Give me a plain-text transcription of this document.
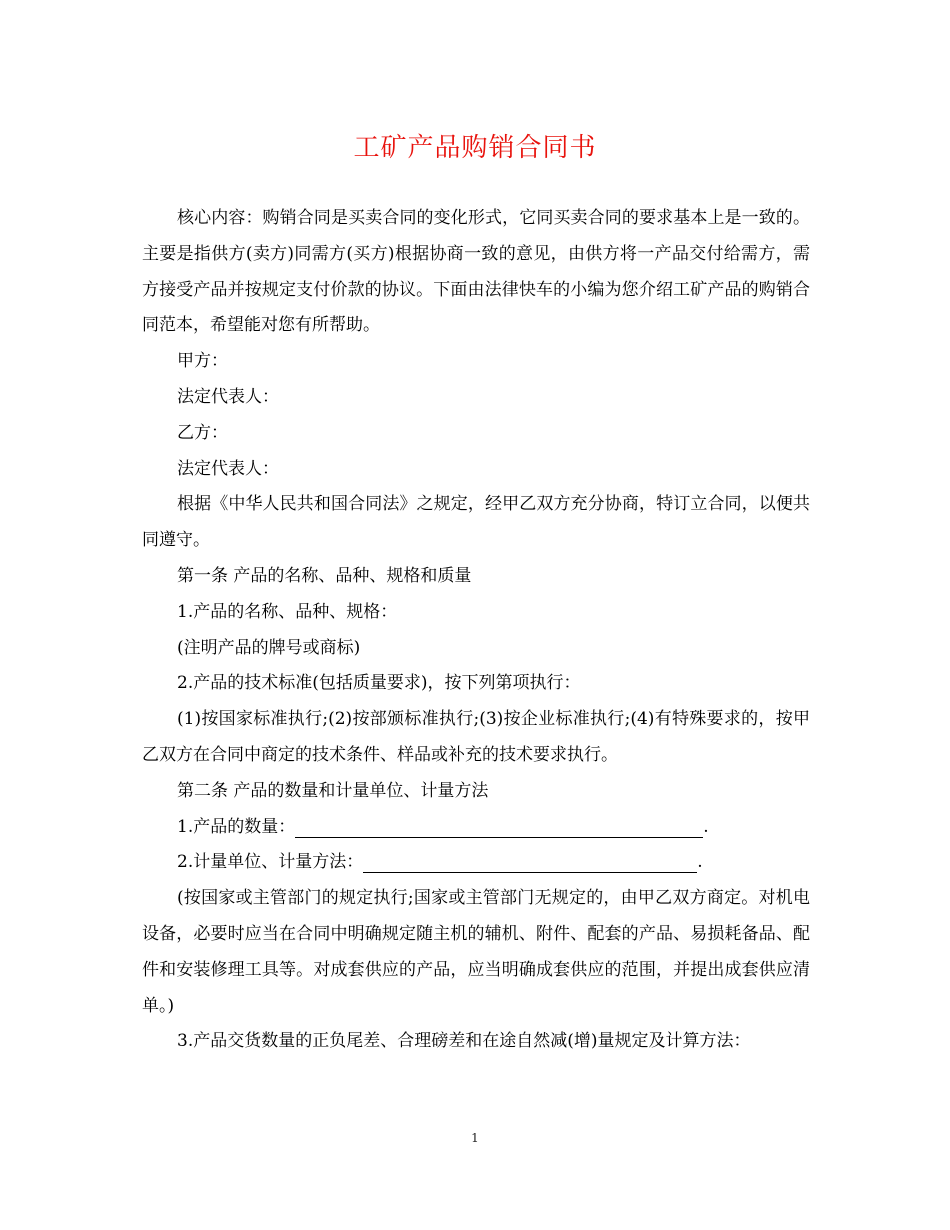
工矿产品购销合同书

核心内容：购销合同是买卖合同的变化形式，它同买卖合同的要求基本上是一致的。主要是指供方(卖方)同需方(买方)根据协商一致的意见，由供方将一产品交付给需方，需方接受产品并按规定支付价款的协议。下面由法律快车的小编为您介绍工矿产品的购销合同范本，希望能对您有所帮助。

甲方：

法定代表人：

乙方：

法定代表人：

根据《中华人民共和国合同法》之规定，经甲乙双方充分协商，特订立合同，以便共同遵守。

第一条 产品的名称、品种、规格和质量

1.产品的名称、品种、规格：

(注明产品的牌号或商标)

2.产品的技术标准(包括质量要求)，按下列第项执行：

(1)按国家标准执行;(2)按部颁标准执行;(3)按企业标准执行;(4)有特殊要求的，按甲乙双方在合同中商定的技术条件、样品或补充的技术要求执行。

第二条 产品的数量和计量单位、计量方法

1.产品的数量：	.

2.计量单位、计量方法：	.

(按国家或主管部门的规定执行;国家或主管部门无规定的，由甲乙双方商定。对机电设备，必要时应当在合同中明确规定随主机的辅机、附件、配套的产品、易损耗备品、配件和安装修理工具等。对成套供应的产品，应当明确成套供应的范围，并提出成套供应清单。)

3.产品交货数量的正负尾差、合理磅差和在途自然减(增)量规定及计算方法：

1
